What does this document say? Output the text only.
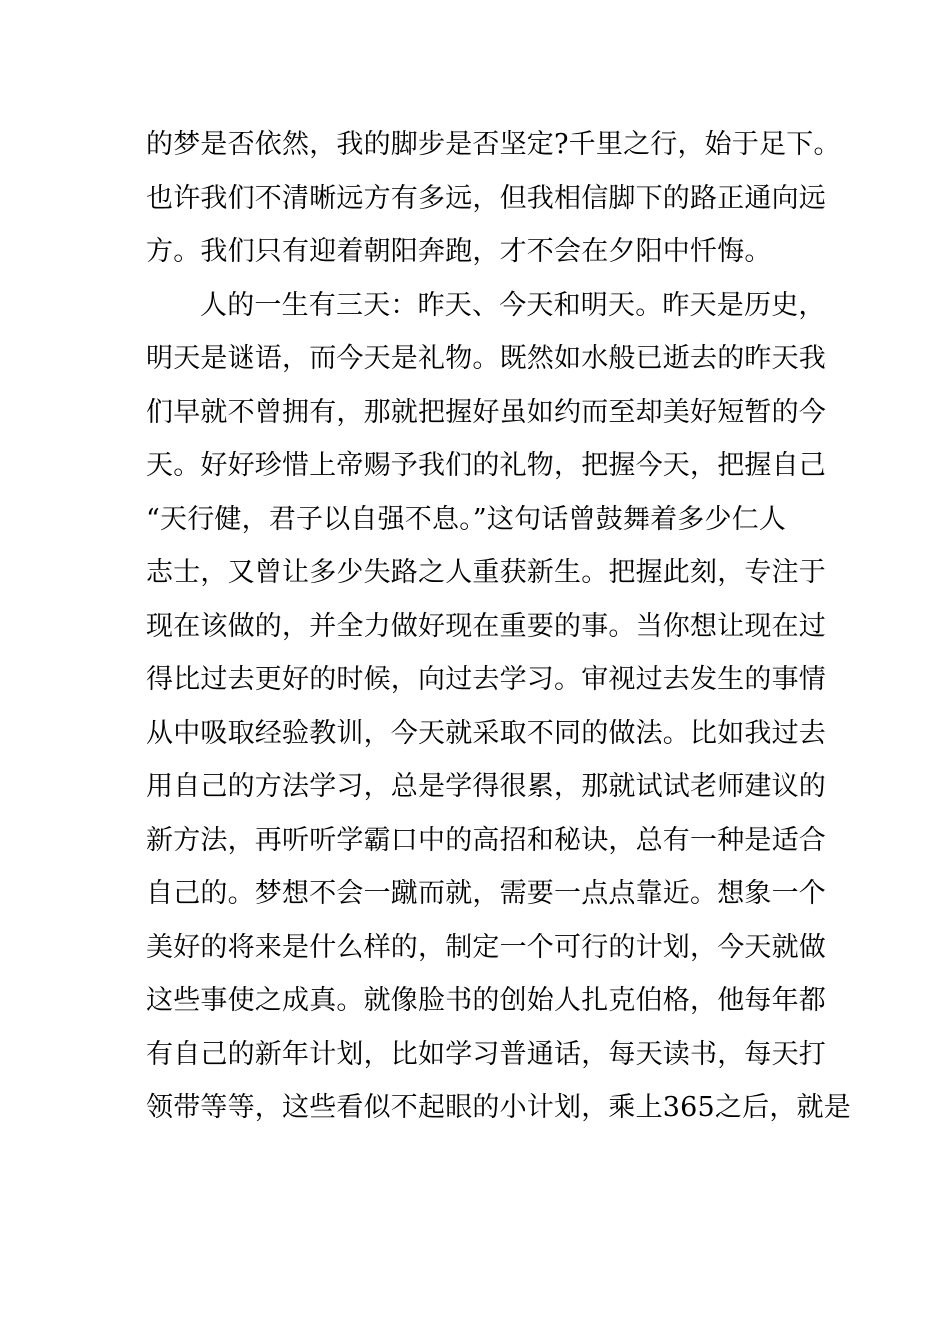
的梦是否依然，我的脚步是否坚定?千里之行，始于足下。
也许我们不清晰远方有多远，但我相信脚下的路正通向远
方。我们只有迎着朝阳奔跑，才不会在夕阳中忏悔。
人的一生有三天：昨天、今天和明天。昨天是历史，
明天是谜语，而今天是礼物。既然如水般已逝去的昨天我
们早就不曾拥有，那就把握好虽如约而至却美好短暂的今
天。好好珍惜上帝赐予我们的礼物，把握今天，把握自己
“天行健，君子以自强不息。”这句话曾鼓舞着多少仁人
志士，又曾让多少失路之人重获新生。把握此刻，专注于
现在该做的，并全力做好现在重要的事。当你想让现在过
得比过去更好的时候，向过去学习。审视过去发生的事情
从中吸取经验教训，今天就采取不同的做法。比如我过去
用自己的方法学习，总是学得很累，那就试试老师建议的
新方法，再听听学霸口中的高招和秘诀，总有一种是适合
自己的。梦想不会一蹴而就，需要一点点靠近。想象一个
美好的将来是什么样的，制定一个可行的计划，今天就做
这些事使之成真。就像脸书的创始人扎克伯格，他每年都
有自己的新年计划，比如学习普通话，每天读书，每天打
领带等等，这些看似不起眼的小计划，乘上365之后，就是
